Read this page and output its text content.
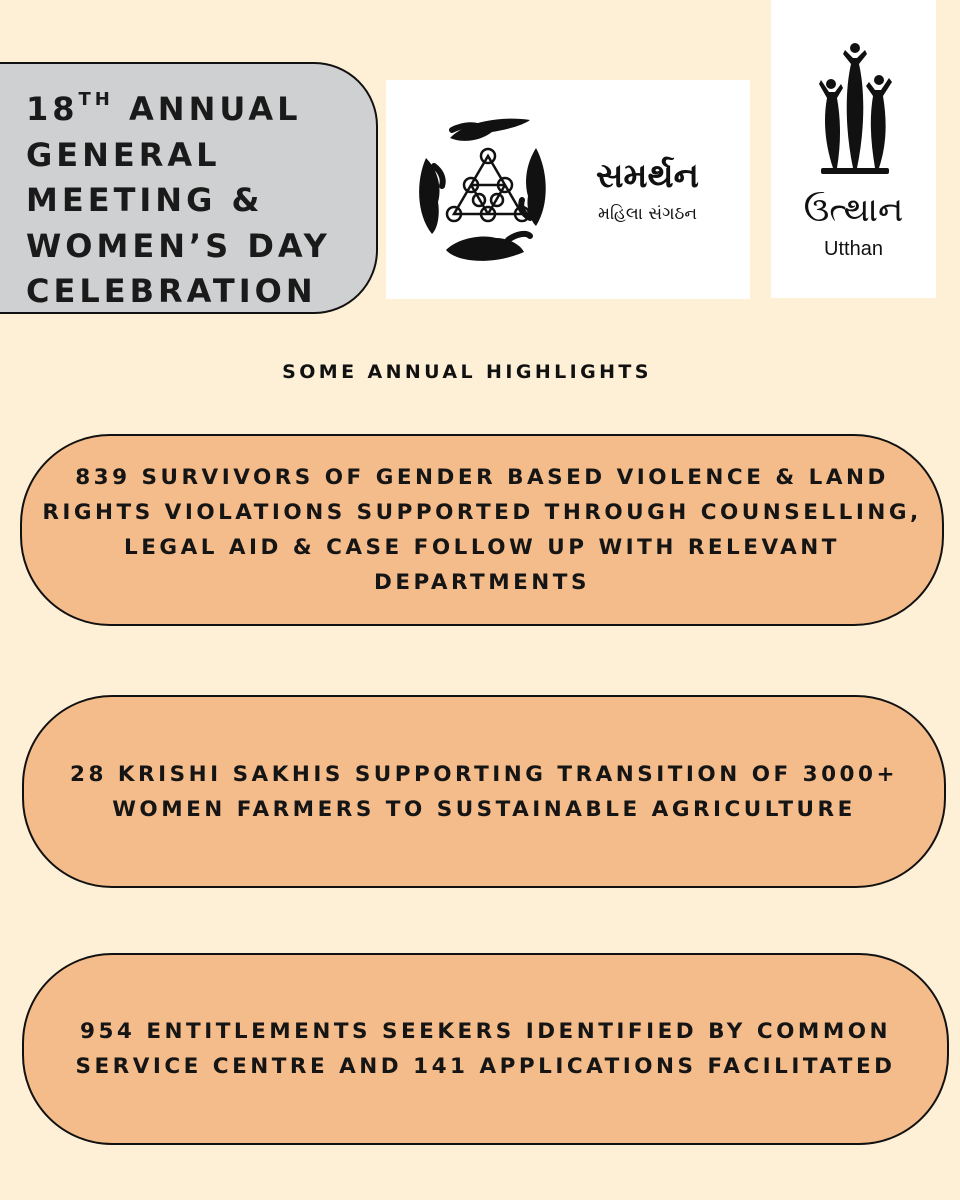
18TH ANNUAL
GENERAL
MEETING &
WOMEN’S DAY
CELEBRATION
સમર્થન
મહિલા સંગઠન	ઉત્થાન
Utthan
SOME ANNUAL HIGHLIGHTS
839 SURVIVORS OF GENDER BASED VIOLENCE & LAND RIGHTS VIOLATIONS SUPPORTED THROUGH COUNSELLING, LEGAL AID & CASE FOLLOW UP WITH RELEVANT DEPARTMENTS
28 KRISHI SAKHIS SUPPORTING TRANSITION OF 3000+ WOMEN FARMERS TO SUSTAINABLE AGRICULTURE
954 ENTITLEMENTS SEEKERS IDENTIFIED BY COMMON SERVICE CENTRE AND 141 APPLICATIONS FACILITATED
